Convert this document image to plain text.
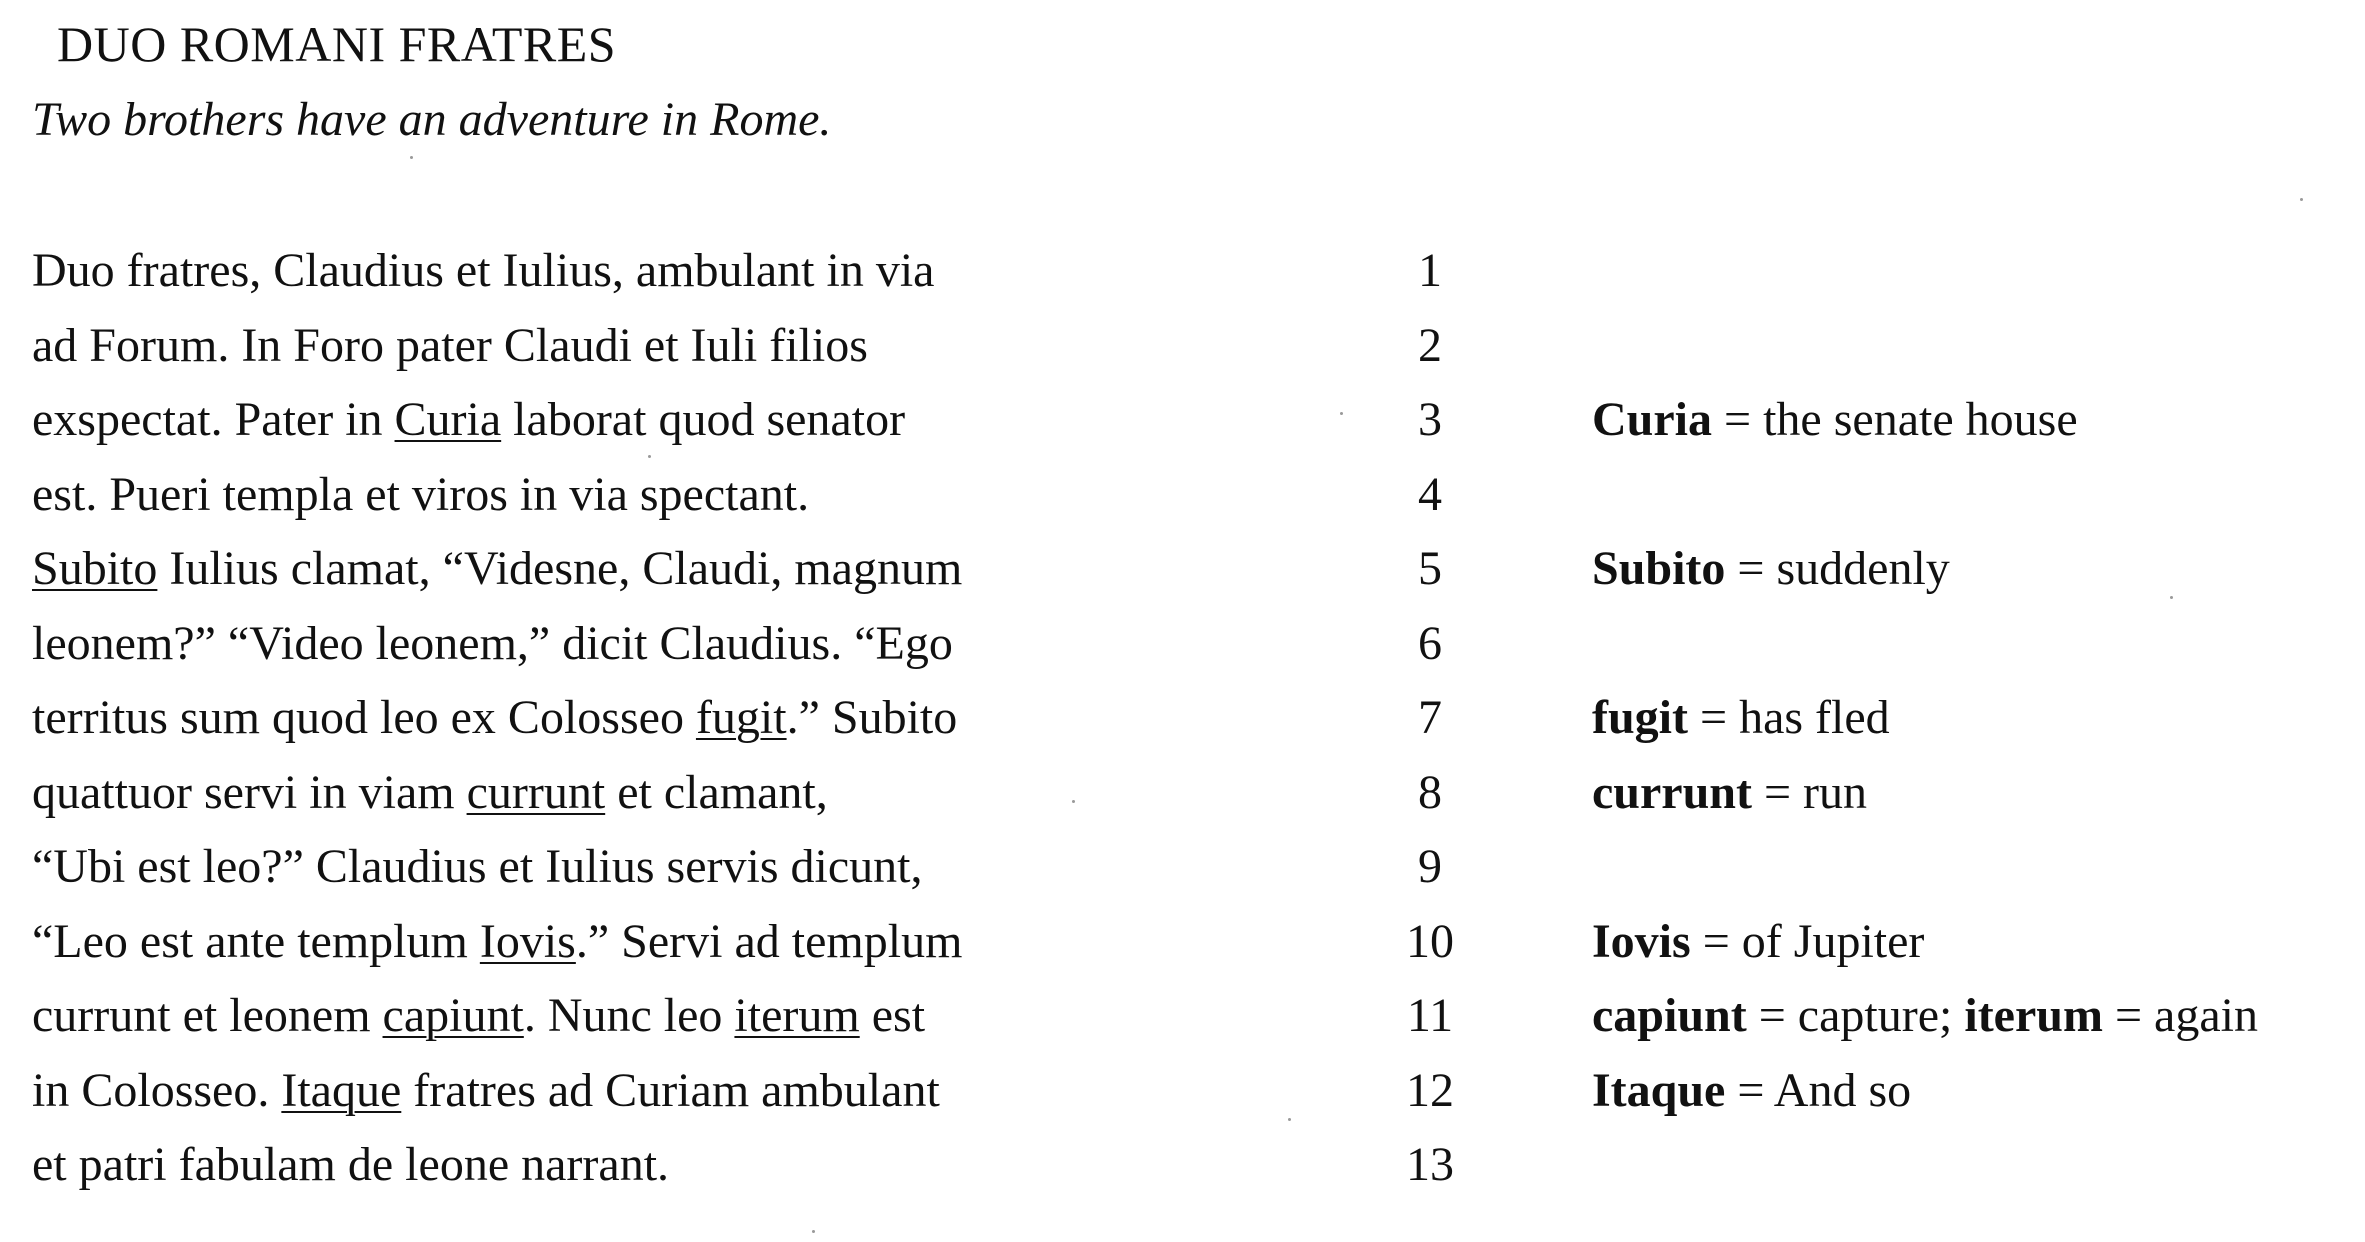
DUO ROMANI FRATRES
Two brothers have an adventure in Rome.
Duo fratres, Claudius et Iulius, ambulant in via	1
ad Forum. In Foro pater Claudi et Iuli filios	2
exspectat. Pater in Curia laborat quod senator	3	Curia = the senate house
est. Pueri templa et viros in via spectant.	4
Subito Iulius clamat, “Videsne, Claudi, magnum	5	Subito = suddenly
leonem?” “Video leonem,” dicit Claudius. “Ego	6
territus sum quod leo ex Colosseo fugit.” Subito	7	fugit = has fled
quattuor servi in viam currunt et clamant,	8	currunt = run
“Ubi est leo?” Claudius et Iulius servis dicunt,	9
“Leo est ante templum Iovis.” Servi ad templum	10	Iovis = of Jupiter
currunt et leonem capiunt. Nunc leo iterum est	11	capiunt = capture; iterum = again
in Colosseo. Itaque fratres ad Curiam ambulant	12	Itaque = And so
et patri fabulam de leone narrant.	13
